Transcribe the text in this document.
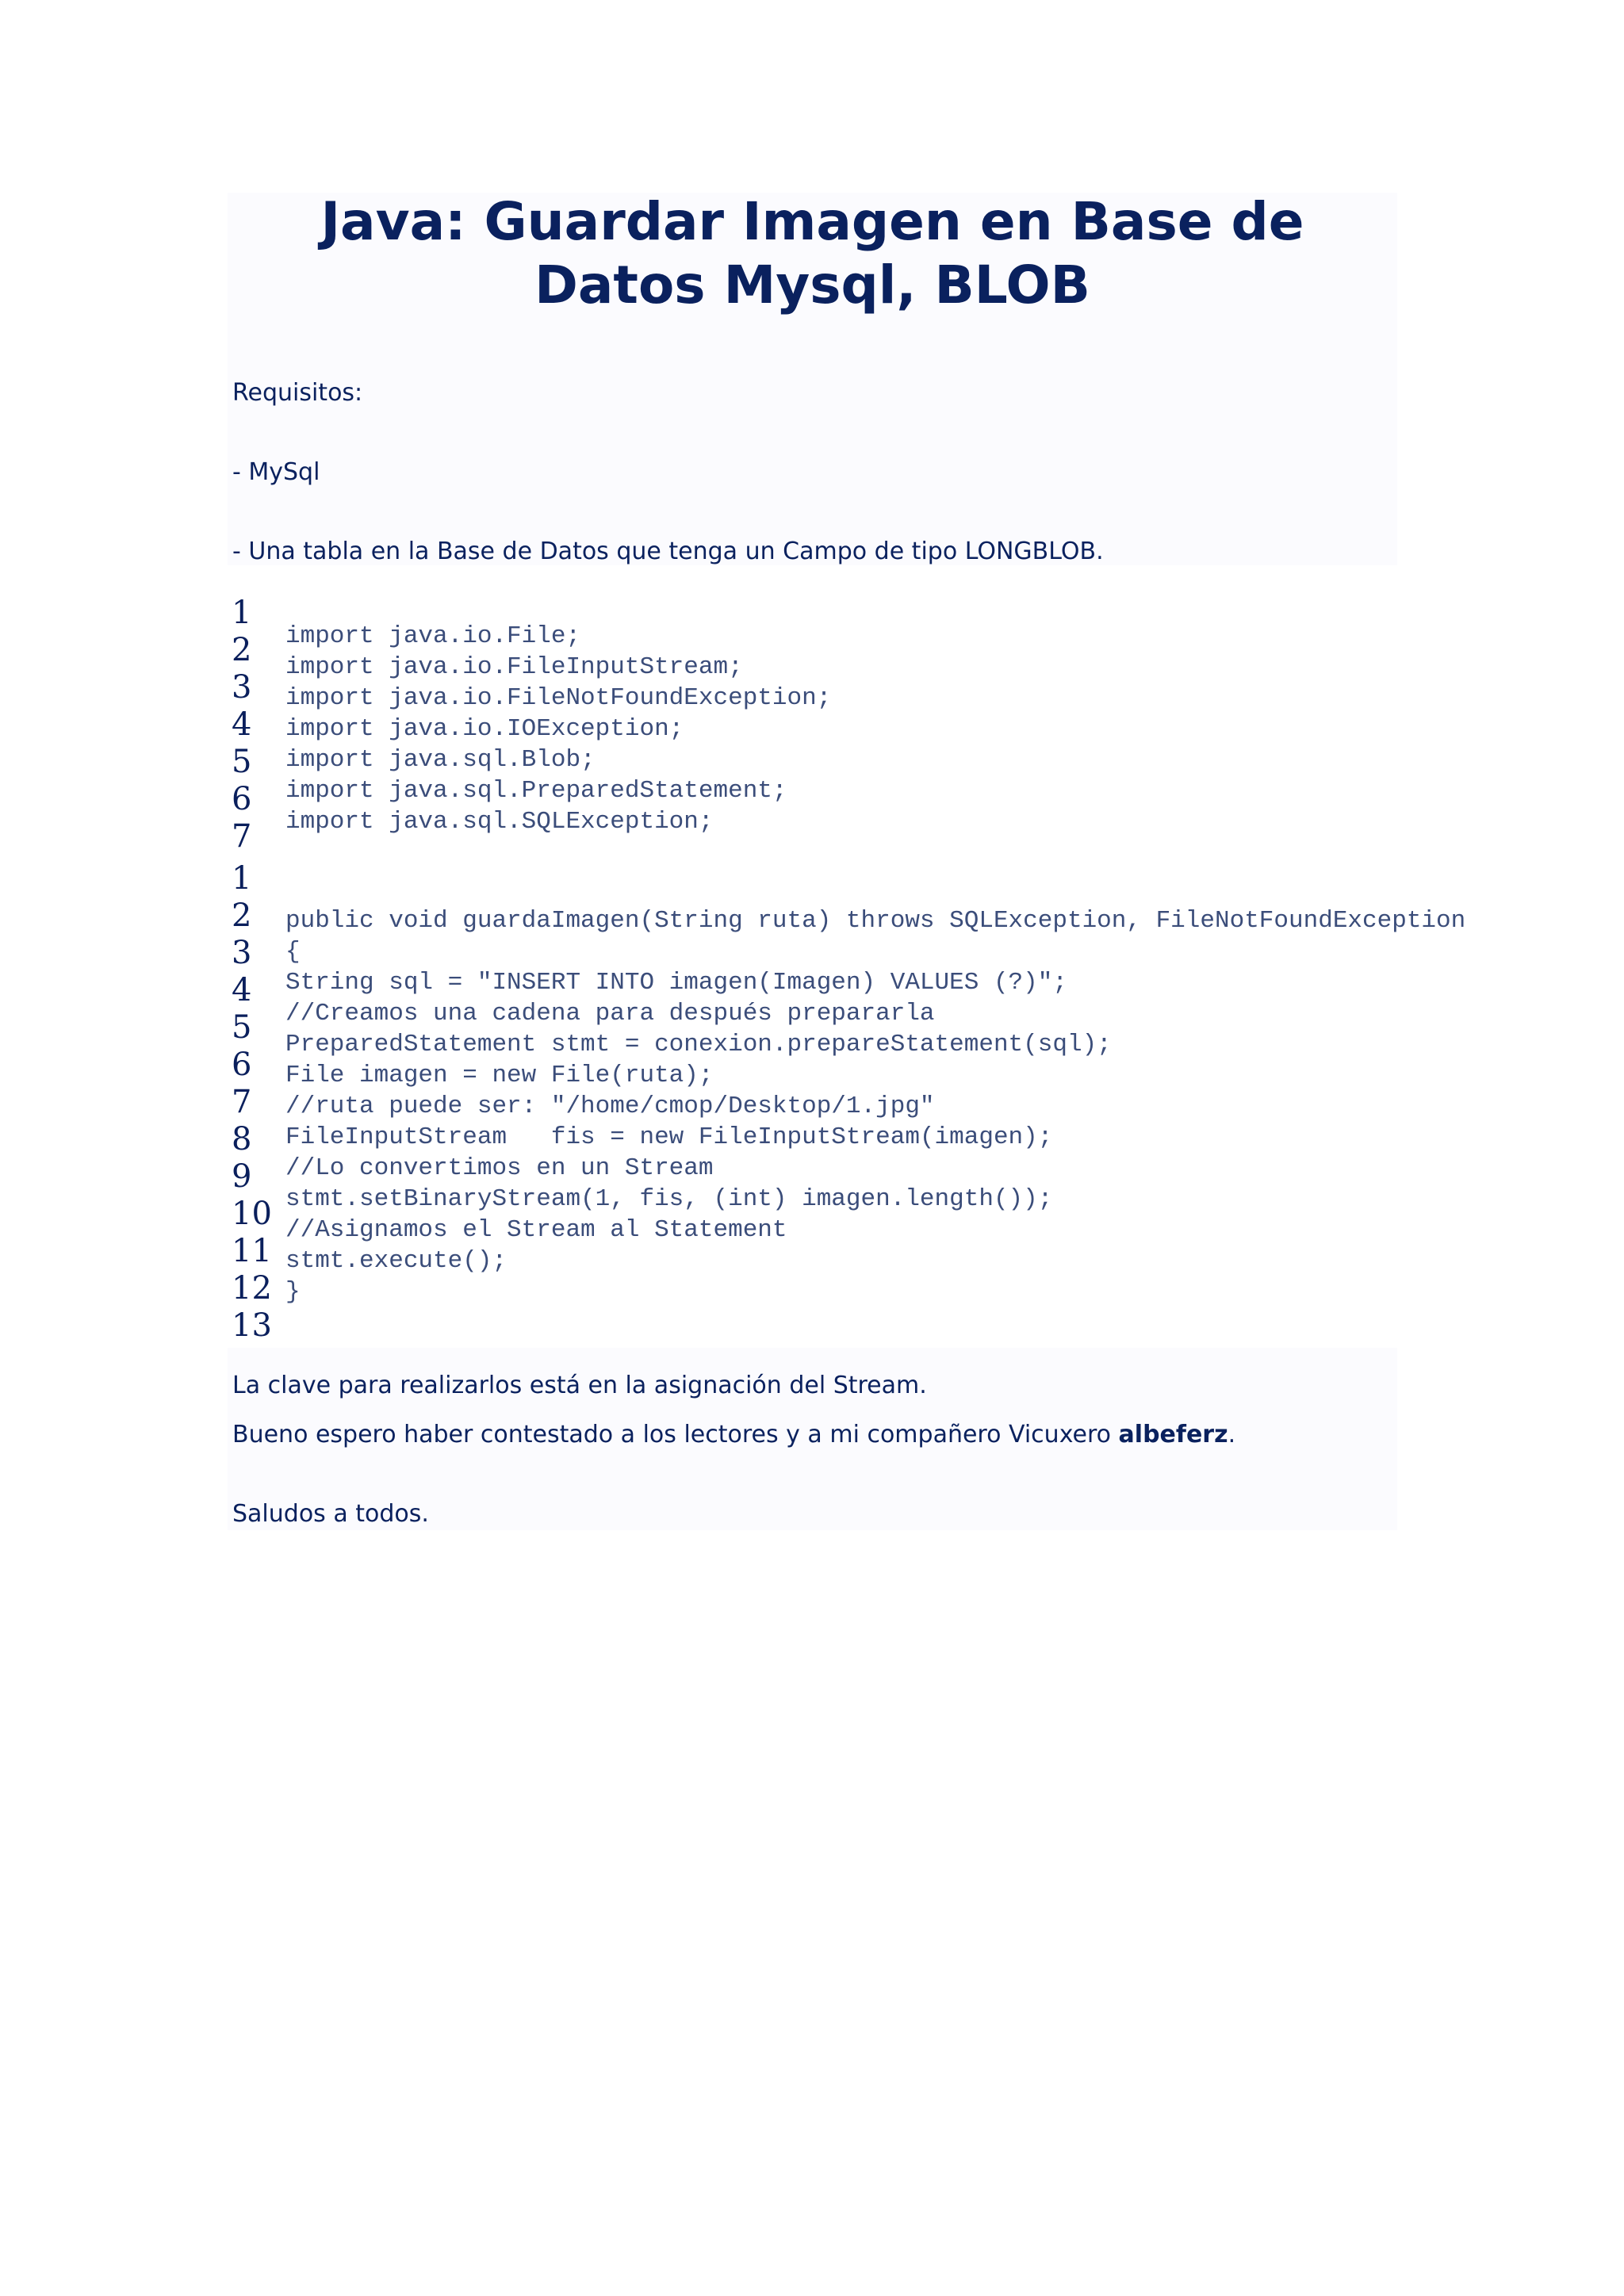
Java: Guardar Imagen en Base de
Datos Mysql, BLOB

Requisitos:

- MySql

- Una tabla en la Base de Datos que tenga un Campo de tipo LONGBLOB.

1
2
3
4
5
6
7
import java.io.File;
import java.io.FileInputStream;
import java.io.FileNotFoundException;
import java.io.IOException;
import java.sql.Blob;
import java.sql.PreparedStatement;
import java.sql.SQLException;
1
2
3
4
5
6
7
8
9
10
11
12
13
public void guardaImagen(String ruta) throws SQLException, FileNotFoundException
{
String sql = "INSERT INTO imagen(Imagen) VALUES (?)";
//Creamos una cadena para después prepararla
PreparedStatement stmt = conexion.prepareStatement(sql);
File imagen = new File(ruta);
//ruta puede ser: "/home/cmop/Desktop/1.jpg"
FileInputStream   fis = new FileInputStream(imagen);
//Lo convertimos en un Stream
stmt.setBinaryStream(1, fis, (int) imagen.length());
//Asignamos el Stream al Statement
stmt.execute();
}

La clave para realizarlos está en la asignación del Stream.

Bueno espero haber contestado a los lectores y a mi compañero Vicuxero albeferz.

Saludos a todos.
